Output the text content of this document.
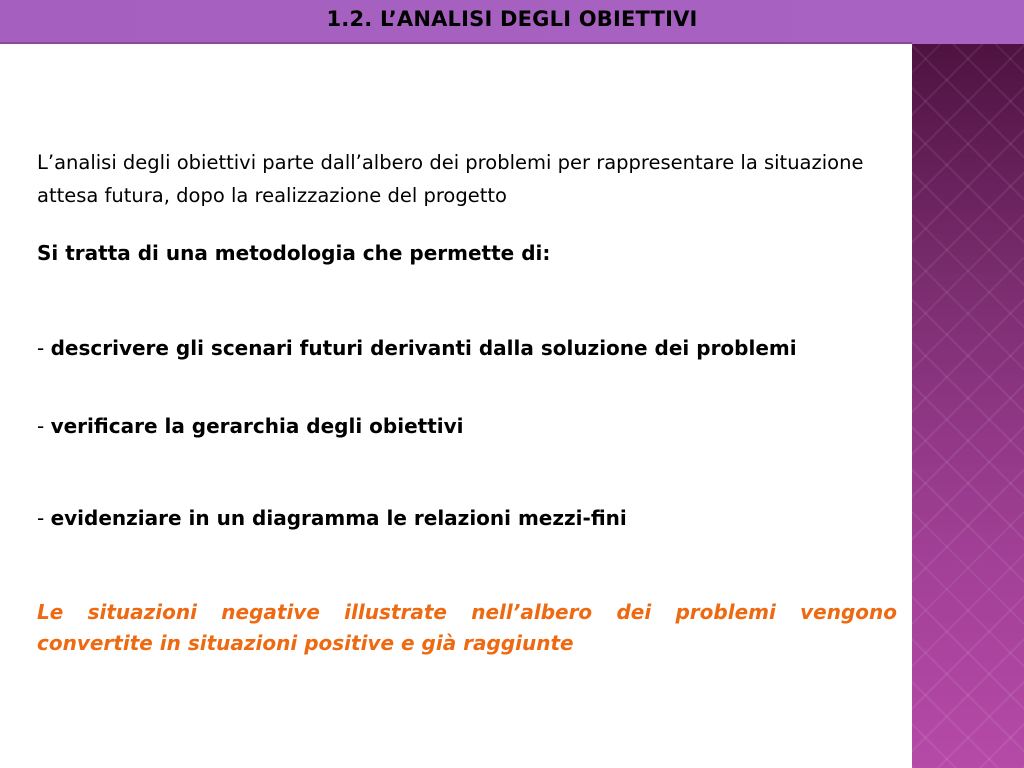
1.2. L’ANALISI DEGLI OBIETTIVI

L’analisi degli obiettivi parte dall’albero dei problemi per rappresentare la situazione attesa futura, dopo la realizzazione del progetto

Si tratta di una metodologia che permette di:

- descrivere gli scenari futuri derivanti dalla soluzione dei problemi
- verificare la gerarchia degli obiettivi
- evidenziare in un diagramma le relazioni mezzi-fini

Le situazioni negative illustrate nell’albero dei problemi vengono convertite in situazioni positive e già raggiunte
